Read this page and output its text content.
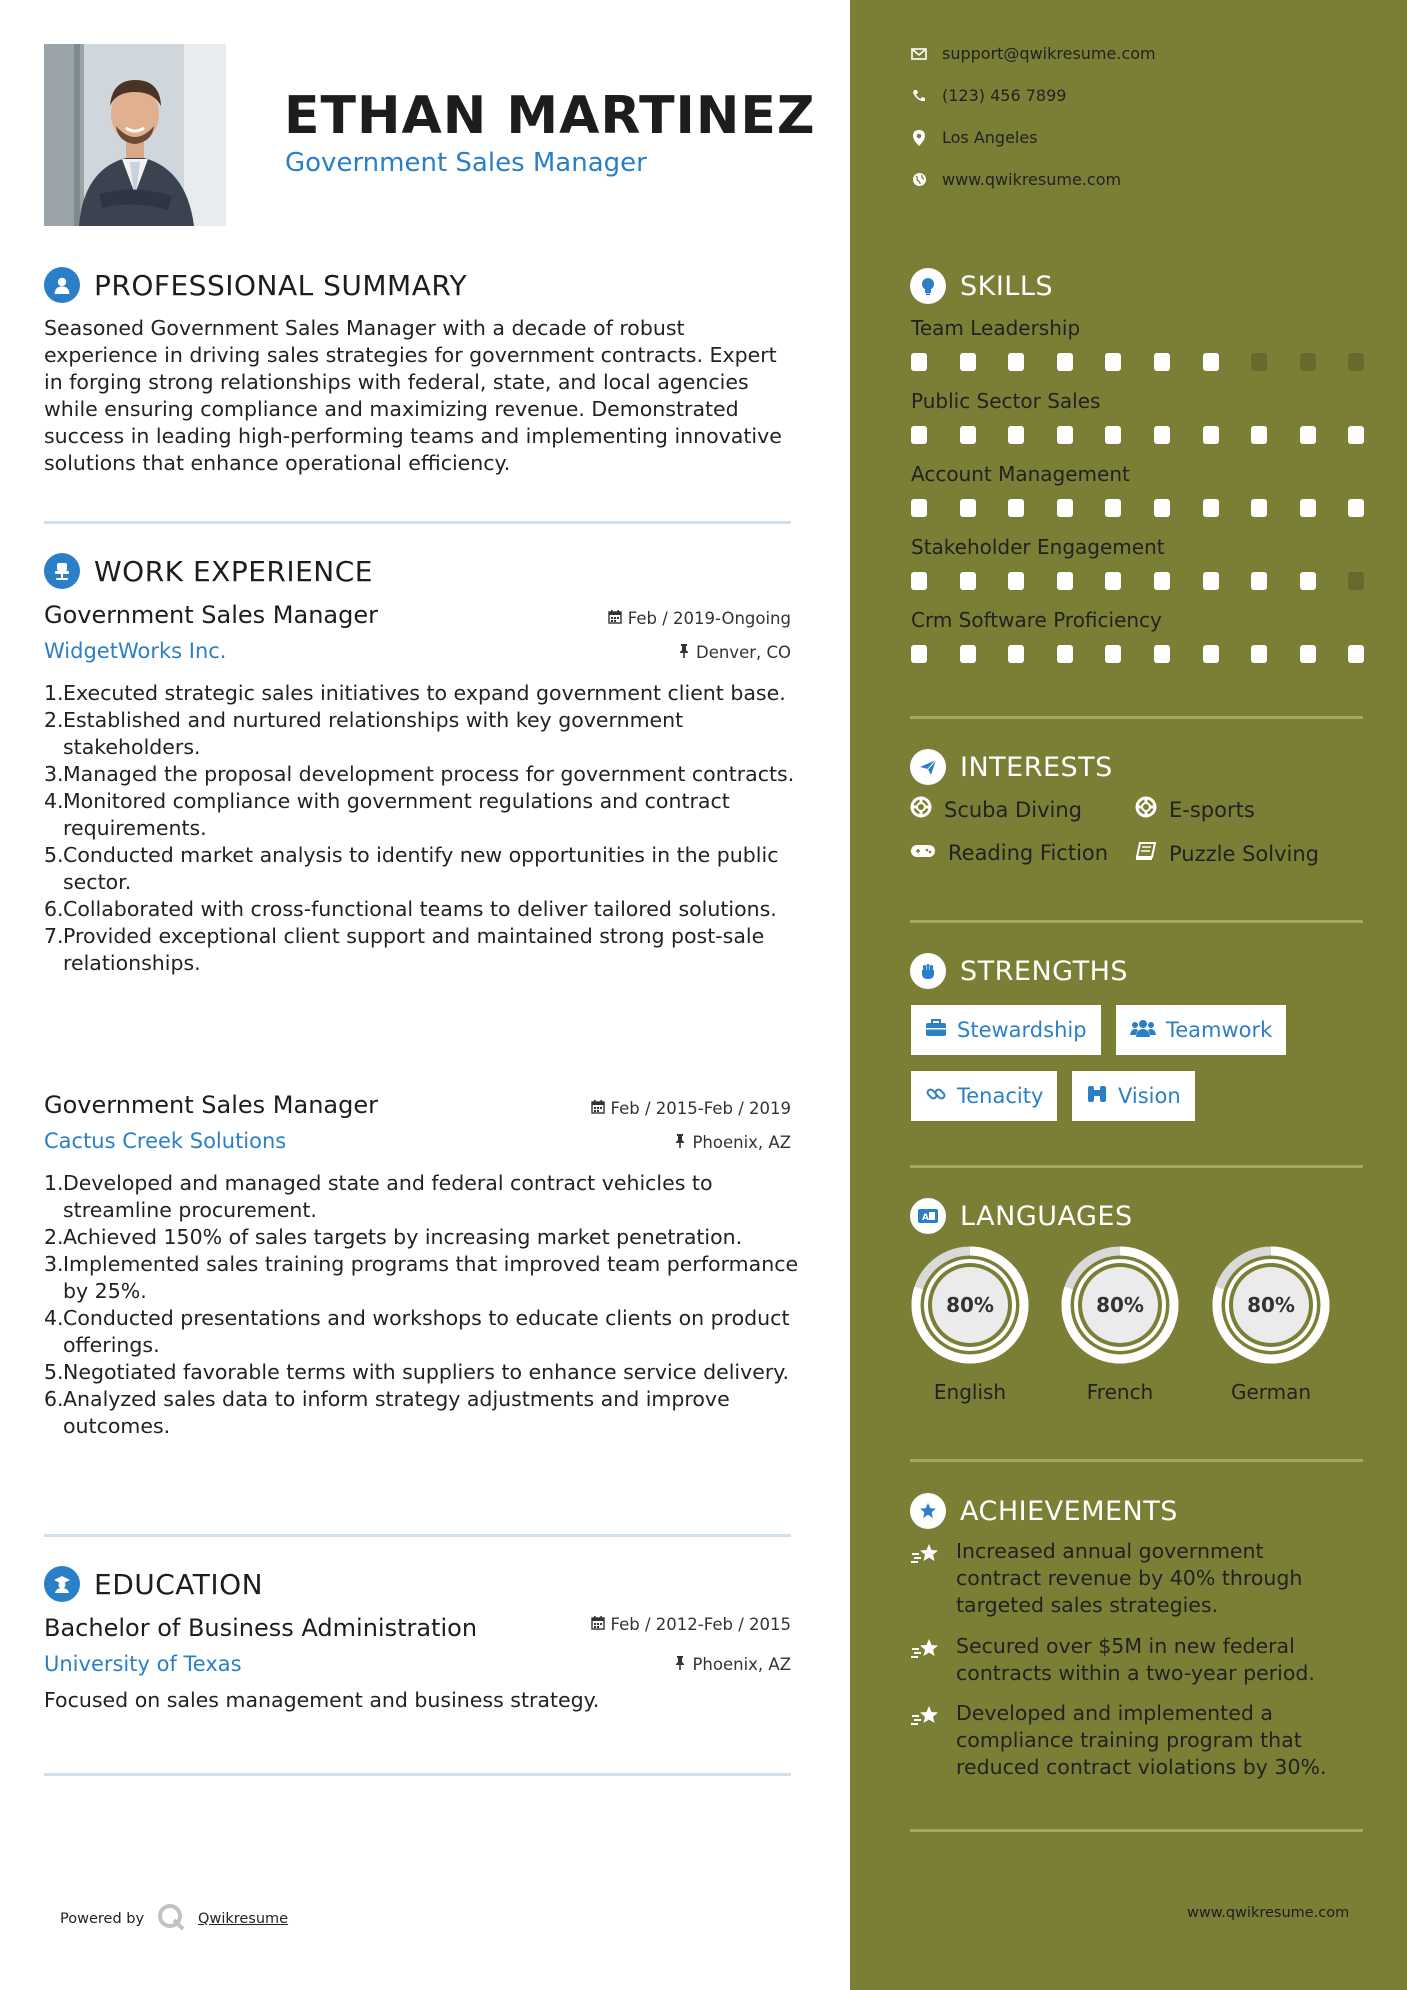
ETHAN MARTINEZ
Government Sales Manager
PROFESSIONAL SUMMARY
Seasoned Government Sales Manager with a decade of robust experience in driving sales strategies for government contracts. Expert in forging strong relationships with federal, state, and local agencies while ensuring compliance and maximizing revenue. Demonstrated success in leading high-performing teams and implementing innovative solutions that enhance operational efficiency.
WORK EXPERIENCE
Government Sales Manager	Feb / 2019-Ongoing
WidgetWorks Inc.	Denver, CO
1. Executed strategic sales initiatives to expand government client base.
2. Established and nurtured relationships with key government stakeholders.
3. Managed the proposal development process for government contracts.
4. Monitored compliance with government regulations and contract requirements.
5. Conducted market analysis to identify new opportunities in the public sector.
6. Collaborated with cross-functional teams to deliver tailored solutions.
7. Provided exceptional client support and maintained strong post-sale relationships.
Government Sales Manager	Feb / 2015-Feb / 2019
Cactus Creek Solutions	Phoenix, AZ
1. Developed and managed state and federal contract vehicles to streamline procurement.
2. Achieved 150% of sales targets by increasing market penetration.
3. Implemented sales training programs that improved team performance by 25%.
4. Conducted presentations and workshops to educate clients on product offerings.
5. Negotiated favorable terms with suppliers to enhance service delivery.
6. Analyzed sales data to inform strategy adjustments and improve outcomes.
EDUCATION
Bachelor of Business Administration	Feb / 2012-Feb / 2015
University of Texas	Phoenix, AZ
Focused on sales management and business strategy.
Powered by	Qwikresume
support@qwikresume.com
(123) 456 7899
Los Angeles
www.qwikresume.com
SKILLS
Team Leadership
Public Sector Sales
Account Management
Stakeholder Engagement
Crm Software Proficiency
INTERESTS
Scuba Diving	E-sports
Reading Fiction	Puzzle Solving
STRENGTHS
Stewardship	Teamwork
Tenacity	Vision
A LANGUAGES
80%
English
80%
French
80%
German
ACHIEVEMENTS
Increased annual government contract revenue by 40% through targeted sales strategies.
Secured over $5M in new federal contracts within a two-year period.
Developed and implemented a compliance training program that reduced contract violations by 30%.
www.qwikresume.com
